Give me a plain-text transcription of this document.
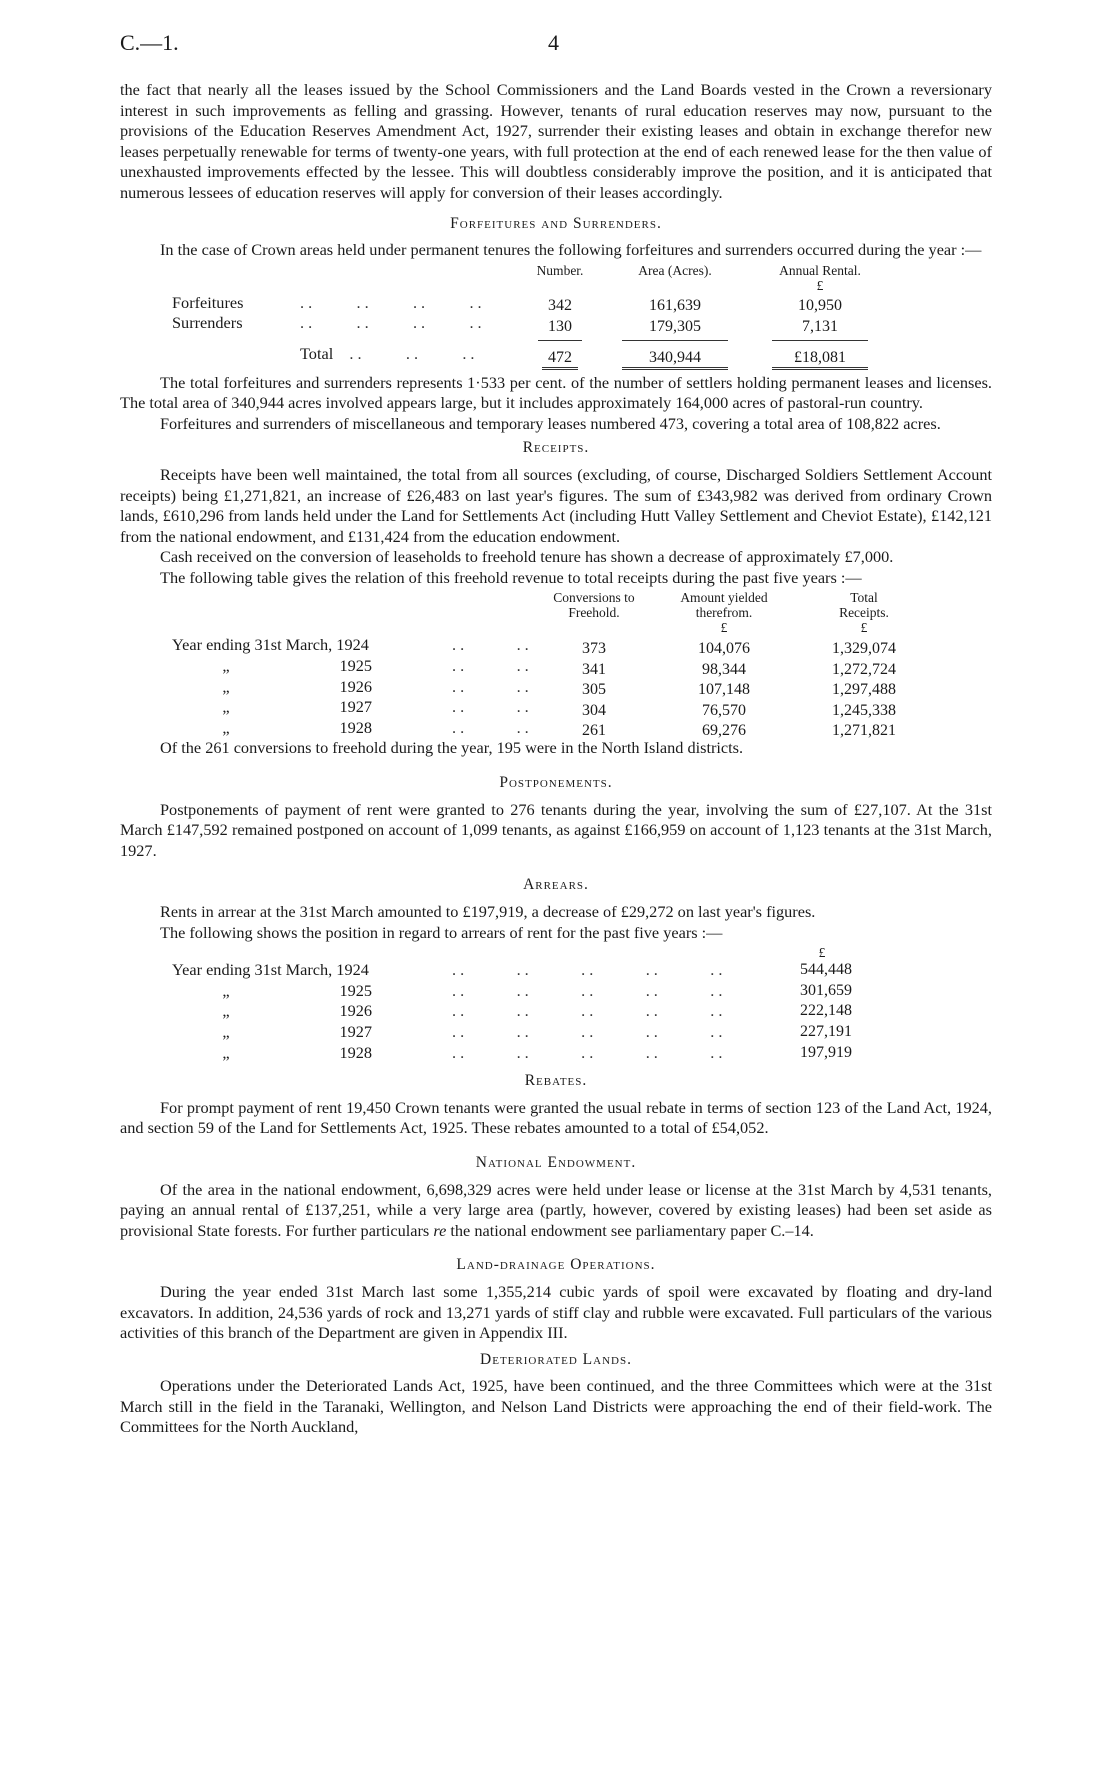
C.—1.	4

the fact that nearly all the leases issued by the School Commissioners and the Land Boards vested in the Crown a reversionary interest in such improvements as felling and grassing. However, tenants of rural education reserves may now, pursuant to the provisions of the Education Reserves Amendment Act, 1927, surrender their existing leases and obtain in exchange therefor new leases perpetually renewable for terms of twenty-one years, with full protection at the end of each renewed lease for the then value of unexhausted improvements effected by the lessee. This will doubtless considerably improve the position, and it is anticipated that numerous lessees of education reserves will apply for conversion of their leases accordingly.

Forfeitures and Surrenders.

In the case of Crown areas held under permanent tenures the following forfeitures and surrenders occurred during the year :—

		Number.	Area (Acres).	Annual Rental.
				£
Forfeitures	..     ..     ..     ..	342	161,639	10,950
Surrenders	..     ..     ..     ..	130	179,305	7,131

	Total  ..     ..     ..	472	340,944	£18,081

The total forfeitures and surrenders represents 1·533 per cent. of the number of settlers holding permanent leases and licenses. The total area of 340,944 acres involved appears large, but it includes approximately 164,000 acres of pastoral-run country.

Forfeitures and surrenders of miscellaneous and temporary leases numbered 473, covering a total area of 108,822 acres.

Receipts.

Receipts have been well maintained, the total from all sources (excluding, of course, Discharged Soldiers Settlement Account receipts) being £1,271,821, an increase of £26,483 on last year's figures. The sum of £343,982 was derived from ordinary Crown lands, £610,296 from lands held under the Land for Settlements Act (including Hutt Valley Settlement and Cheviot Estate), £142,121 from the national endowment, and £131,424 from the education endowment.

Cash received on the conversion of leaseholds to freehold tenure has shown a decrease of approximately £7,000.

The following table gives the relation of this freehold revenue to total receipts during the past five years :—

		Conversions to	Amount yielded	Total
		Freehold.	therefrom.	Receipts.
			£	£
Year ending 31st March, 1924	..      ..	373	104,076	1,329,074
„ 1925	..      ..	341	98,344	1,272,724
„ 1926	..      ..	305	107,148	1,297,488
„ 1927	..      ..	304	76,570	1,245,338
„ 1928	..      ..	261	69,276	1,271,821

Of the 261 conversions to freehold during the year, 195 were in the North Island districts.

Postponements.

Postponements of payment of rent were granted to 276 tenants during the year, involving the sum of £27,107. At the 31st March £147,592 remained postponed on account of 1,099 tenants, as against £166,959 on account of 1,123 tenants at the 31st March, 1927.

Arrears.

Rents in arrear at the 31st March amounted to £197,919, a decrease of £29,272 on last year's figures.

The following shows the position in regard to arrears of rent for the past five years :—

		£
Year ending 31st March, 1924	..      ..      ..      ..      ..	544,448
„ 1925	..      ..      ..      ..      ..	301,659
„ 1926	..      ..      ..      ..      ..	222,148
„ 1927	..      ..      ..      ..      ..	227,191
„ 1928	..      ..      ..      ..      ..	197,919
Rebates.

For prompt payment of rent 19,450 Crown tenants were granted the usual rebate in terms of section 123 of the Land Act, 1924, and section 59 of the Land for Settlements Act, 1925. These rebates amounted to a total of £54,052.

National Endowment.

Of the area in the national endowment, 6,698,329 acres were held under lease or license at the 31st March by 4,531 tenants, paying an annual rental of £137,251, while a very large area (partly, however, covered by existing leases) had been set aside as provisional State forests. For further particulars re the national endowment see parliamentary paper C.–14.

Land-drainage Operations.

During the year ended 31st March last some 1,355,214 cubic yards of spoil were excavated by floating and dry-land excavators. In addition, 24,536 yards of rock and 13,271 yards of stiff clay and rubble were excavated. Full particulars of the various activities of this branch of the Department are given in Appendix III.

Deteriorated Lands.

Operations under the Deteriorated Lands Act, 1925, have been continued, and the three Committees which were at the 31st March still in the field in the Taranaki, Wellington, and Nelson Land Districts were approaching the end of their field-work. The Committees for the North Auckland,
